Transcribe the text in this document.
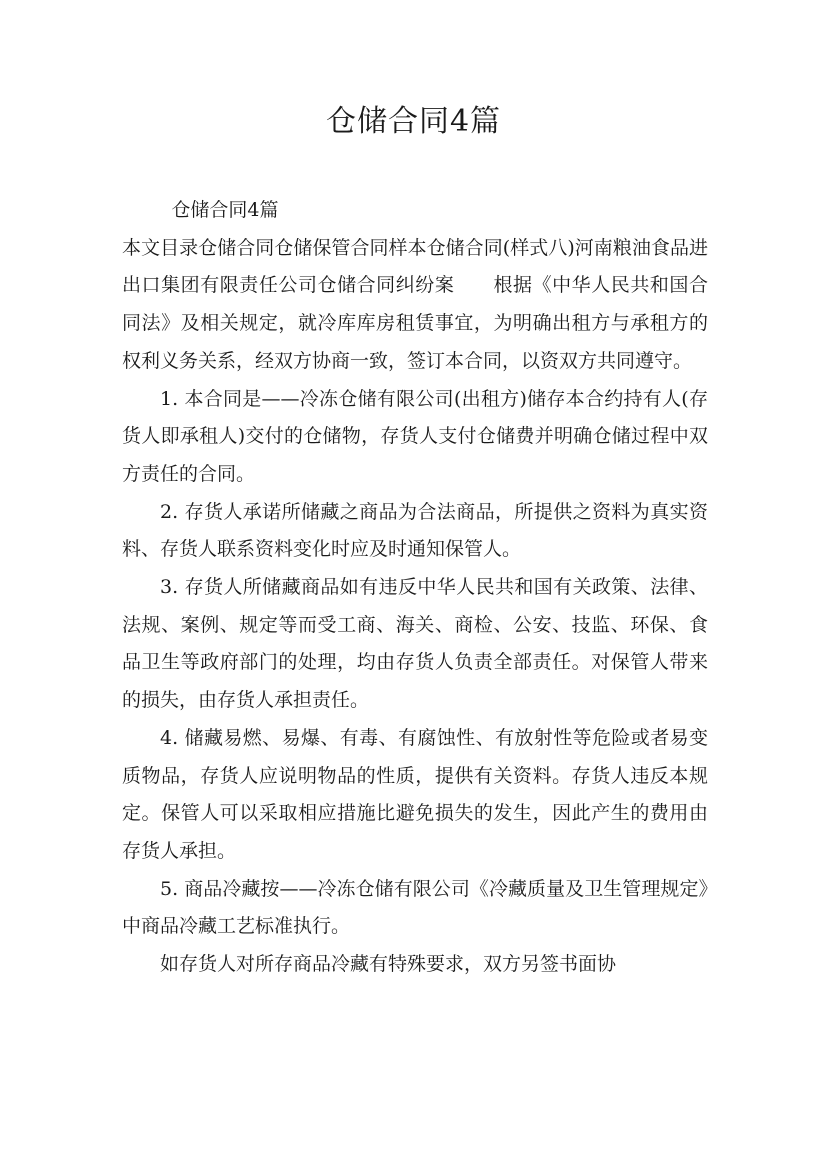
仓储合同4篇

仓储合同4篇

本文目录仓储合同仓储保管合同样本仓储合同(样式八)河南粮油食品进出口集团有限责任公司仓储合同纠纷案　　根据《中华人民共和国合同法》及相关规定，就冷库库房租赁事宜，为明确出租方与承租方的权利义务关系，经双方协商一致，签订本合同，以资双方共同遵守。

1. 本合同是——冷冻仓储有限公司(出租方)储存本合约持有人(存货人即承租人)交付的仓储物，存货人支付仓储费并明确仓储过程中双方责任的合同。

2. 存货人承诺所储藏之商品为合法商品，所提供之资料为真实资料、存货人联系资料变化时应及时通知保管人。

3. 存货人所储藏商品如有违反中华人民共和国有关政策、法律、法规、案例、规定等而受工商、海关、商检、公安、技监、环保、食品卫生等政府部门的处理，均由存货人负责全部责任。对保管人带来的损失，由存货人承担责任。

4. 储藏易燃、易爆、有毒、有腐蚀性、有放射性等危险或者易变质物品，存货人应说明物品的性质，提供有关资料。存货人违反本规定。保管人可以采取相应措施比避免损失的发生，因此产生的费用由存货人承担。

5. 商品冷藏按——冷冻仓储有限公司《冷藏质量及卫生管理规定》中商品冷藏工艺标准执行。

如存货人对所存商品冷藏有特殊要求，双方另签书面协
